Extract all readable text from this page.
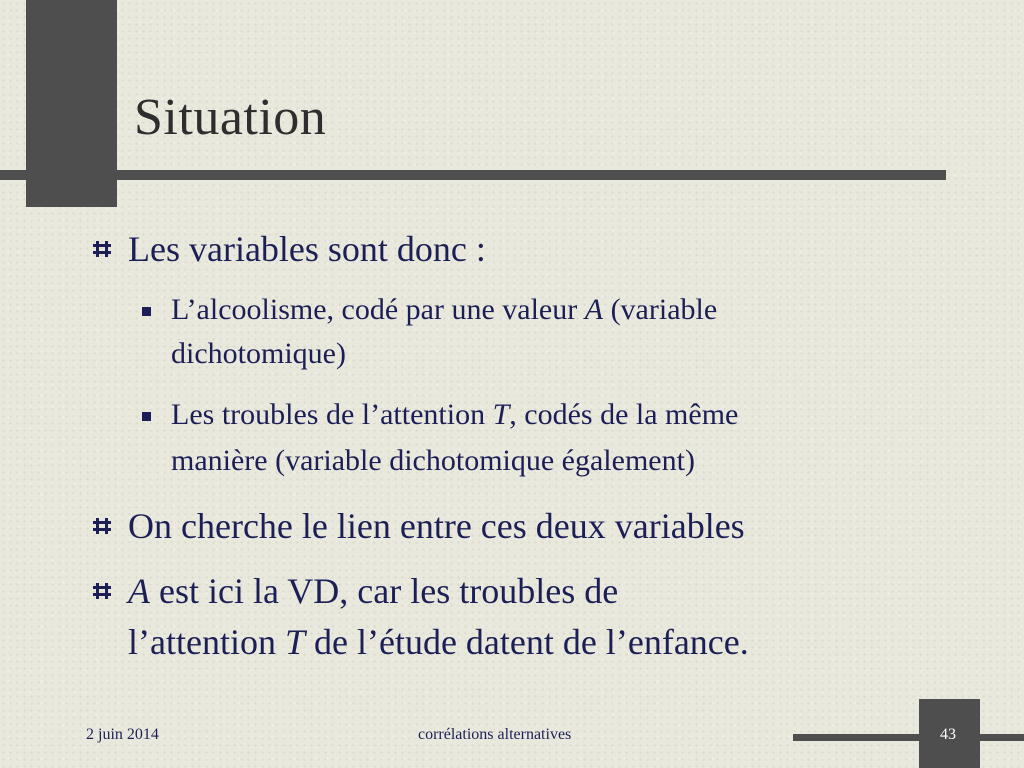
Situation
Les variables sont donc :
L’alcoolisme, codé par une valeur A (variable
dichotomique)
Les troubles de l’attention T, codés de la même
manière (variable dichotomique également)
On cherche le lien entre ces deux variables
A est ici la VD, car les troubles de
l’attention T de l’étude datent de l’enfance.
2 juin 2014	corrélations alternatives	43
